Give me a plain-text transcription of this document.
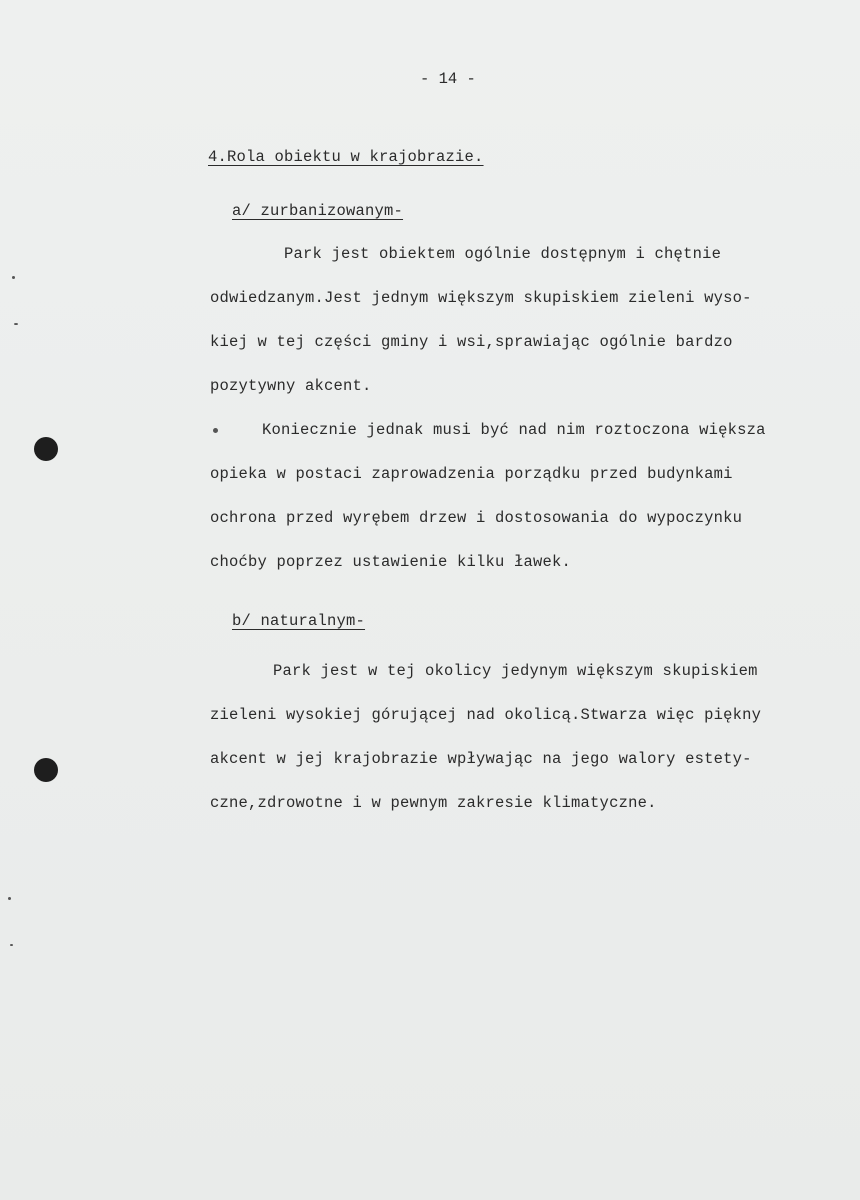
- 14 -
4.Rola obiektu w krajobrazie.
a/ zurbanizowanym-
Park jest obiektem ogólnie dostępnym i chętnie
odwiedzanym.Jest jednym większym skupiskiem zieleni wyso-
kiej w tej części gminy i wsi,sprawiając ogólnie bardzo
pozytywny akcent.
Koniecznie jednak musi być nad nim roztoczona większa
opieka w postaci zaprowadzenia porządku przed budynkami
ochrona przed wyrębem drzew i dostosowania do wypoczynku
choćby poprzez ustawienie kilku ławek.
b/ naturalnym-
Park jest w tej okolicy jedynym większym skupiskiem
zieleni wysokiej górującej nad okolicą.Stwarza więc piękny
akcent w jej krajobrazie wpływając na jego walory estety-
czne,zdrowotne i w pewnym zakresie klimatyczne.
